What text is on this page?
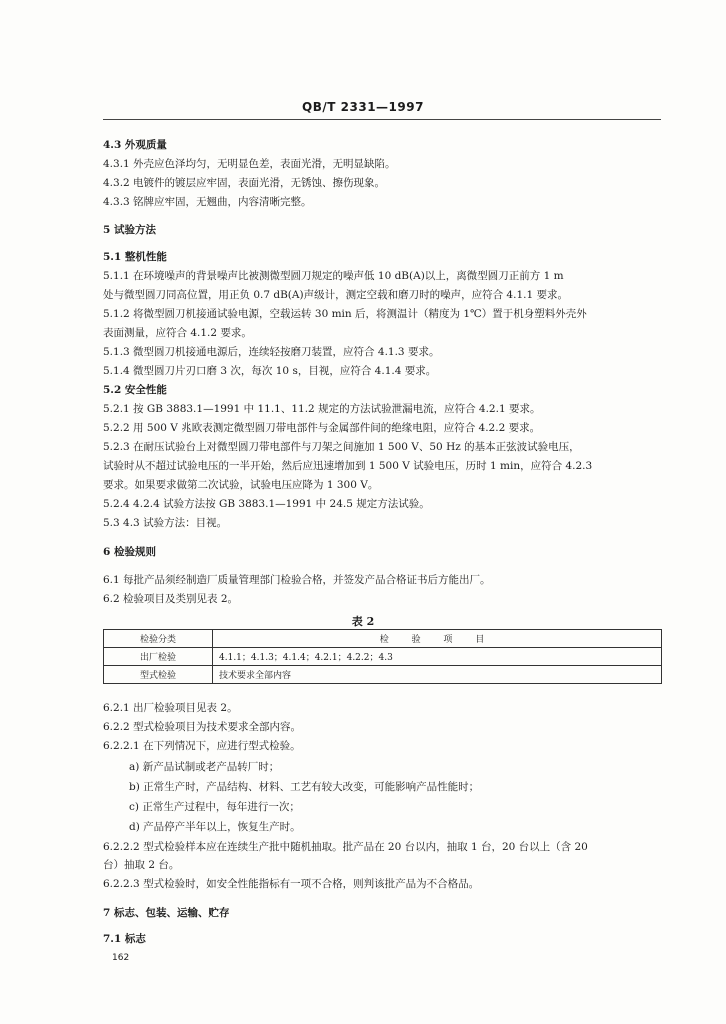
QB/T 2331—1997
4.3 外观质量
4.3.1 外壳应色泽均匀，无明显色差，表面光滑，无明显缺陷。
4.3.2 电镀件的镀层应牢固，表面光滑，无锈蚀、擦伤现象。
4.3.3 铭牌应牢固，无翘曲，内容清晰完整。
5 试验方法
5.1 整机性能
5.1.1 在环境噪声的背景噪声比被测微型圆刀规定的噪声低 10 dB(A)以上，离微型圆刀正前方 1 m
处与微型圆刀同高位置，用正负 0.7 dB(A)声级计，测定空载和磨刀时的噪声，应符合 4.1.1 要求。
5.1.2 将微型圆刀机接通试验电源，空载运转 30 min 后，将测温计（精度为 1℃）置于机身塑料外壳外
表面测量，应符合 4.1.2 要求。
5.1.3 微型圆刀机接通电源后，连续轻按磨刀装置，应符合 4.1.3 要求。
5.1.4 微型圆刀片刃口磨 3 次，每次 10 s，目视，应符合 4.1.4 要求。
5.2 安全性能
5.2.1 按 GB 3883.1—1991 中 11.1、11.2 规定的方法试验泄漏电流，应符合 4.2.1 要求。
5.2.2 用 500 V 兆欧表测定微型圆刀带电部件与金属部件间的绝缘电阻，应符合 4.2.2 要求。
5.2.3 在耐压试验台上对微型圆刀带电部件与刀架之间施加 1 500 V、50 Hz 的基本正弦波试验电压，
试验时从不超过试验电压的一半开始，然后应迅速增加到 1 500 V 试验电压，历时 1 min，应符合 4.2.3
要求。如果要求做第二次试验，试验电压应降为 1 300 V。
5.2.4 4.2.4 试验方法按 GB 3883.1—1991 中 24.5 规定方法试验。
5.3 4.3 试验方法：目视。
6 检验规则
6.1 每批产品须经制造厂质量管理部门检验合格，并签发产品合格证书后方能出厂。
6.2 检验项目及类别见表 2。
表 2
检验分类	检 验 项 目
出厂检验	4.1.1；4.1.3；4.1.4；4.2.1；4.2.2；4.3
型式检验	技术要求全部内容
6.2.1 出厂检验项目见表 2。
6.2.2 型式检验项目为技术要求全部内容。
6.2.2.1 在下列情况下，应进行型式检验。
a) 新产品试制或老产品转厂时；
b) 正常生产时，产品结构、材料、工艺有较大改变，可能影响产品性能时；
c) 正常生产过程中，每年进行一次；
d) 产品停产半年以上，恢复生产时。
6.2.2.2 型式检验样本应在连续生产批中随机抽取。批产品在 20 台以内，抽取 1 台，20 台以上（含 20
台）抽取 2 台。
6.2.2.3 型式检验时，如安全性能指标有一项不合格，则判该批产品为不合格品。
7 标志、包装、运输、贮存
7.1 标志
162
